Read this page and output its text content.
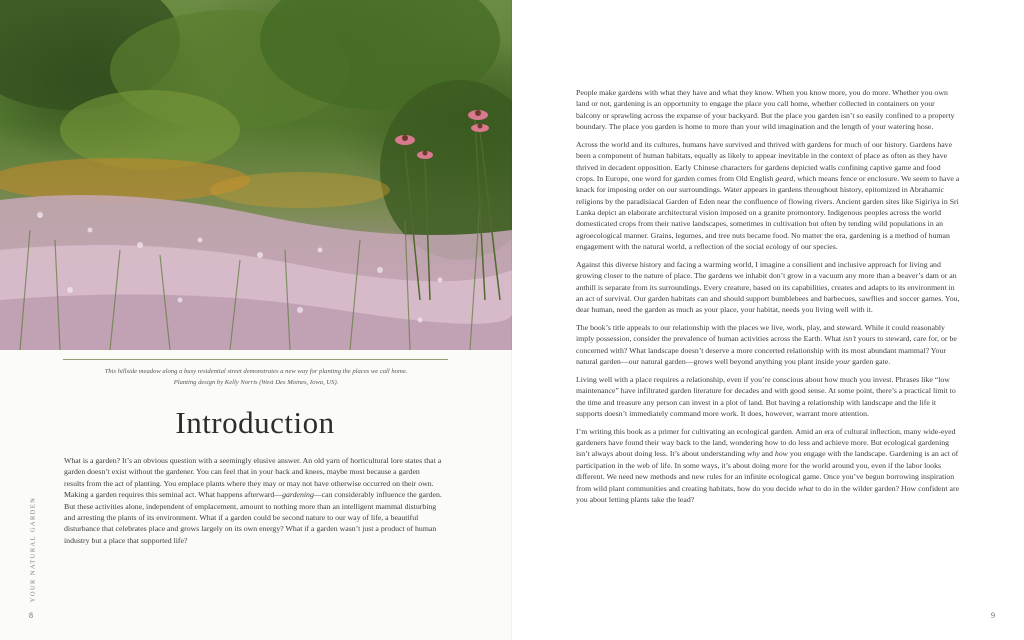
This hillside meadow along a busy residential street demonstrates a new way for planting the places we call home.
Planting design by Kelly Norris (West Des Moines, Iowa, US).
Introduction

What is a garden? It’s an obvious question with a seemingly elusive answer. An old yarn of horticultural lore states that a garden doesn’t exist without the gardener. You can feel that in your back and knees, maybe most because a garden results from the act of planting. You emplace plants where they may or may not have otherwise occurred on their own. Making a garden requires this seminal act. What happens afterward—gardening—can considerably influence the garden. But these activities alone, independent of emplacement, amount to nothing more than an intelligent mammal disturbing and arresting the plants of its environment. What if a garden could be second nature to our way of life, a beautiful disturbance that celebrates place and grows largely on its own energy? What if a garden wasn’t just a product of human industry but a place that supported life?

YOUR NATURAL GARDEN
8	9

People make gardens with what they have and what they know. When you know more, you do more. Whether you own land or not, gardening is an opportunity to engage the place you call home, whether collected in containers on your balcony or sprawling across the expanse of your backyard. But the place you garden isn’t so easily confined to a property boundary. The place you garden is home to more than your wild imagination and the length of your watering hose.

Across the world and its cultures, humans have survived and thrived with gardens for much of our history. Gardens have been a component of human habitats, equally as likely to appear inevitable in the context of place as often as they have thrived in decadent opposition. Early Chinese characters for gardens depicted walls confining captive game and food crops. In Europe, one word for garden comes from Old English geard, which means fence or enclosure. We seem to have a knack for imposing order on our surroundings. Water appears in gardens throughout history, epitomized in Abrahamic religions by the paradisiacal Garden of Eden near the confluence of flowing rivers. Ancient garden sites like Sigiriya in Sri Lanka depict an elaborate architectural vision imposed on a granite promontory. Indigenous peoples across the world domesticated crops from their native landscapes, sometimes in cultivation but often by tending wild populations in an agroecological manner. Grains, legumes, and tree nuts became food. No matter the era, gardening is a method of human engagement with the natural world, a reflection of the social ecology of our species.

Against this diverse history and facing a warming world, I imagine a consilient and inclusive approach for living and growing closer to the nature of place. The gardens we inhabit don’t grow in a vacuum any more than a beaver’s dam or an anthill is separate from its surroundings. Every creature, based on its capabilities, creates and adapts to its environment in an act of survival. Our garden habitats can and should support bumblebees and barbecues, sawflies and soccer games. You, dear human, need the garden as much as your place, your habitat, needs you living well with it.

The book’s title appeals to our relationship with the places we live, work, play, and steward. While it could reasonably imply possession, consider the prevalence of human activities across the Earth. What isn’t yours to steward, care for, or be concerned with? What landscape doesn’t deserve a more concerted relationship with its most abundant mammal? Your natural garden—our natural garden—grows well beyond anything you plant inside your garden gate.

Living well with a place requires a relationship, even if you’re conscious about how much you invest. Phrases like “low maintenance” have infiltrated garden literature for decades and with good sense. At some point, there’s a practical limit to the time and treasure any person can invest in a plot of land. But having a relationship with landscape and the life it supports doesn’t immediately command more work. It does, however, warrant more attention.

I’m writing this book as a primer for cultivating an ecological garden. Amid an era of cultural inflection, many wide-eyed gardeners have found their way back to the land, wondering how to do less and achieve more. But ecological gardening isn’t always about doing less. It’s about understanding why and how you engage with the landscape. Gardening is an act of participation in the web of life. In some ways, it’s about doing more for the world around you, even if the labor looks different. We need new methods and new rules for an infinite ecological game. Once you’ve begun borrowing inspiration from wild plant communities and creating habitats, how do you decide what to do in the wilder garden? How confident are you about letting plants take the lead?
